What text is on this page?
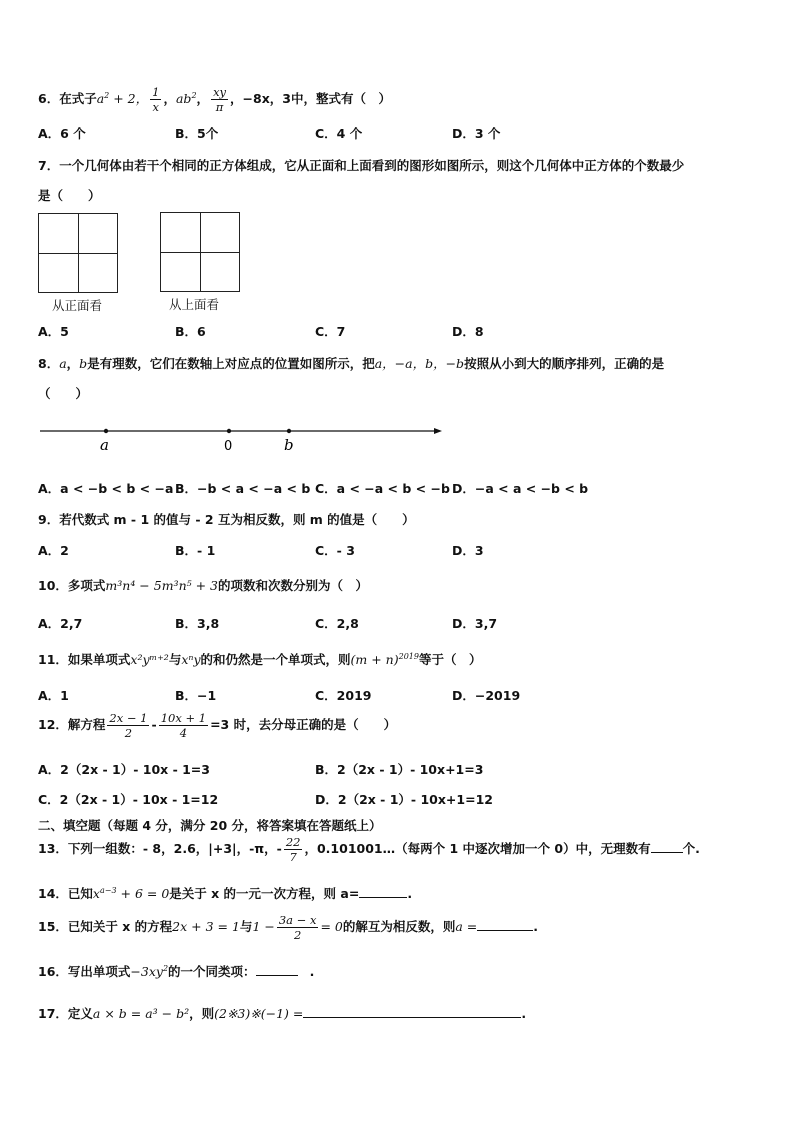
6．在式子$a^2 + 2$， $\frac{1}{x}$ ，$ab^2$， $\frac{xy}{\pi}$ ，−8x，3中，整式有（　）
A．6 个	B．5个	C．4 个	D．3 个
7．一个几何体由若干个相同的正方体组成，它从正面和上面看到的图形如图所示，则这个几何体中正方体的个数最少
是（　　）
从正面看	从上面看
A．5	B．6	C．7	D．8
8．a，b是有理数，它们在数轴上对应点的位置如图所示，把a，−a，b，−b按照从小到大的顺序排列，正确的是
（　　）
a	0	b
A．a < −b < b < −a B．−b < a < −a < b C．a < −a < b < −b D．−a < a < −b < b
9．若代数式 m - 1 的值与 - 2 互为相反数，则 m 的值是（　　）
A．2	B．- 1	C．- 3	D．3
10．多项式m³n⁴ − 5m³n⁵ + 3的项数和次数分别为（　）
A．2,7	B．3,8	C．2,8	D．3,7
11．如果单项式x²yᵐ⁺²与xⁿy的和仍然是一个单项式，则$(m + n)^{2019}$等于（　）
A．1	B．−1	C．2019	D．−2019
12．解方程 $\frac{2x - 1}{2} - \frac{10x + 1}{4} =3$ 时，去分母正确的是（　　）
A．2（2x - 1）- 10x - 1=3	B．2（2x - 1）- 10x+1=3
C．2（2x - 1）- 10x - 1=12	D．2（2x - 1）- 10x+1=12
二、填空题（每题 4 分，满分 20 分，将答案填在答题纸上）
13．下列一组数：- 8，2.6，|+3|，-π，- $\frac{22}{7}$ ，0.101001…（每两个 1 中逐次增加一个 0）中，无理数有	个.
14．已知$x^{a-3} + 6 = 0$是关于 x 的一元一次方程，则 a=	.
15．已知关于 x 的方程2x + 3 = 1与$1 - \frac{3a - x}{2} = 0$的解互为相反数，则a =	.
16．写出单项式$-3xy^2$的一个同类项：	.
17．定义a × b = a³ − b²，则(2※3)※(−1) =	.
